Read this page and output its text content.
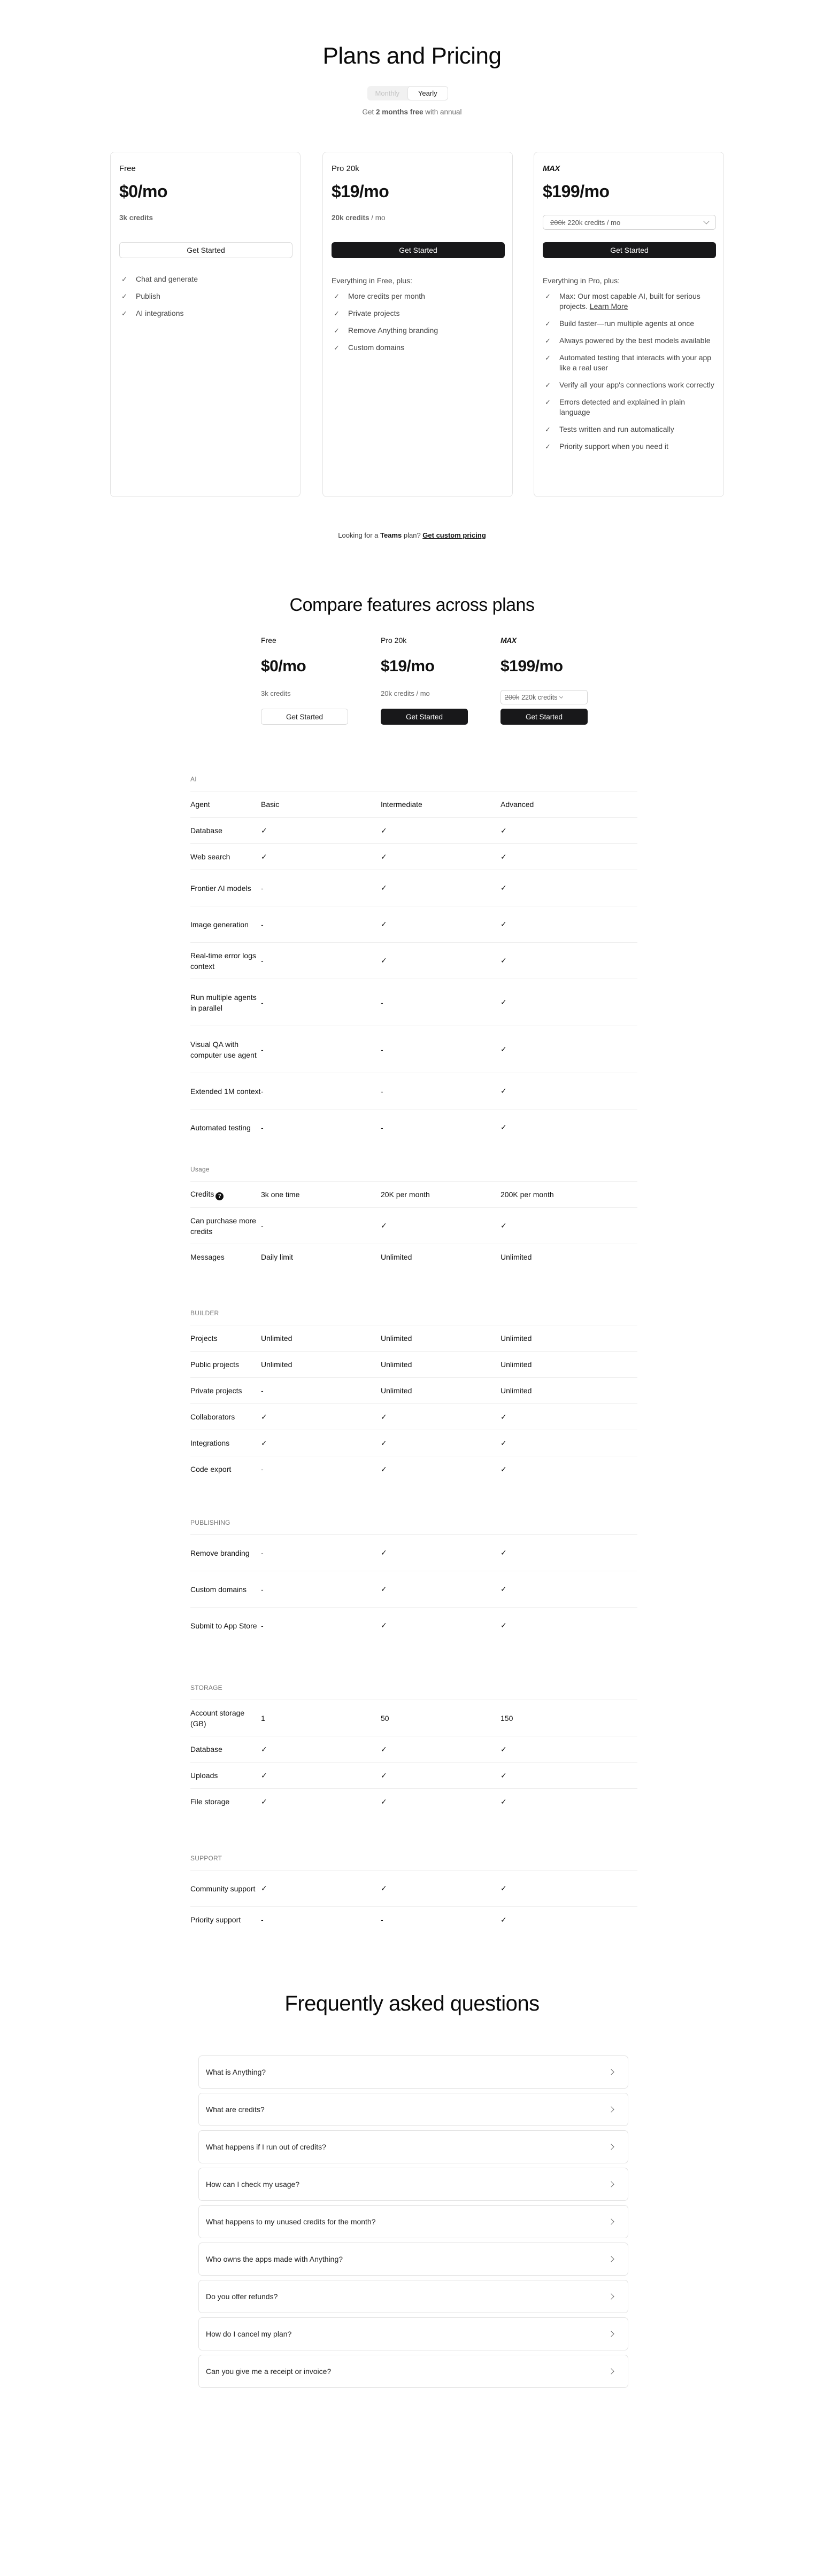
Plans and Pricing
Monthly	Yearly
Get 2 months free with annual
Free
$0/mo
3k credits
Get Started
✓	Chat and generate
✓	Publish
✓	AI integrations
Pro 20k
$19/mo
20k credits / mo
Get Started
Everything in Free, plus:
✓	More credits per month
✓	Private projects
✓	Remove Anything branding
✓	Custom domains
MAX
$199/mo
200k 220k credits / mo
Get Started
Everything in Pro, plus:
✓	Max: Our most capable AI, built for serious projects. Learn More
✓	Build faster—run multiple agents at once
✓	Always powered by the best models available
✓	Automated testing that interacts with your app like a real user
✓	Verify all your app's connections work correctly
✓	Errors detected and explained in plain language
✓	Tests written and run automatically
✓	Priority support when you need it
Looking for a Teams plan? Get custom pricing
Compare features across plans
Free
$0/mo
3k credits
Get Started
Pro 20k
$19/mo
20k credits / mo
Get Started
MAX
$199/mo
200k 220k credits
Get Started
AI
Agent	Basic	Intermediate	Advanced
Database	✓	✓	✓
Web search	✓	✓	✓
Frontier AI models	-	✓	✓
Image generation	-	✓	✓
Real-time error logs context
-	✓	✓
Run multiple agents in parallel
-	-	✓
Visual QA with computer use agent
-	-	✓
Extended 1M context -	-	✓
Automated testing	-	-	✓
Usage
Credits ?	3k one time	20K per month	200K per month
Can purchase more credits
-	✓	✓
Messages	Daily limit	Unlimited	Unlimited
BUILDER
Projects	Unlimited	Unlimited	Unlimited
Public projects	Unlimited	Unlimited	Unlimited
Private projects	-	Unlimited	Unlimited
Collaborators	✓	✓	✓
Integrations	✓	✓	✓
Code export	-	✓	✓
PUBLISHING
Remove branding	-	✓	✓
Custom domains	-	✓	✓
Submit to App Store -	✓	✓
STORAGE
Account storage (GB)
1	50	150
Database	✓	✓	✓
Uploads	✓	✓	✓
File storage	✓	✓	✓
SUPPORT
Community support ✓	✓	✓
Priority support	-	-	✓
Frequently asked questions
What is Anything?
What are credits?
What happens if I run out of credits?
How can I check my usage?
What happens to my unused credits for the month?
Who owns the apps made with Anything?
Do you offer refunds?
How do I cancel my plan?
Can you give me a receipt or invoice?
